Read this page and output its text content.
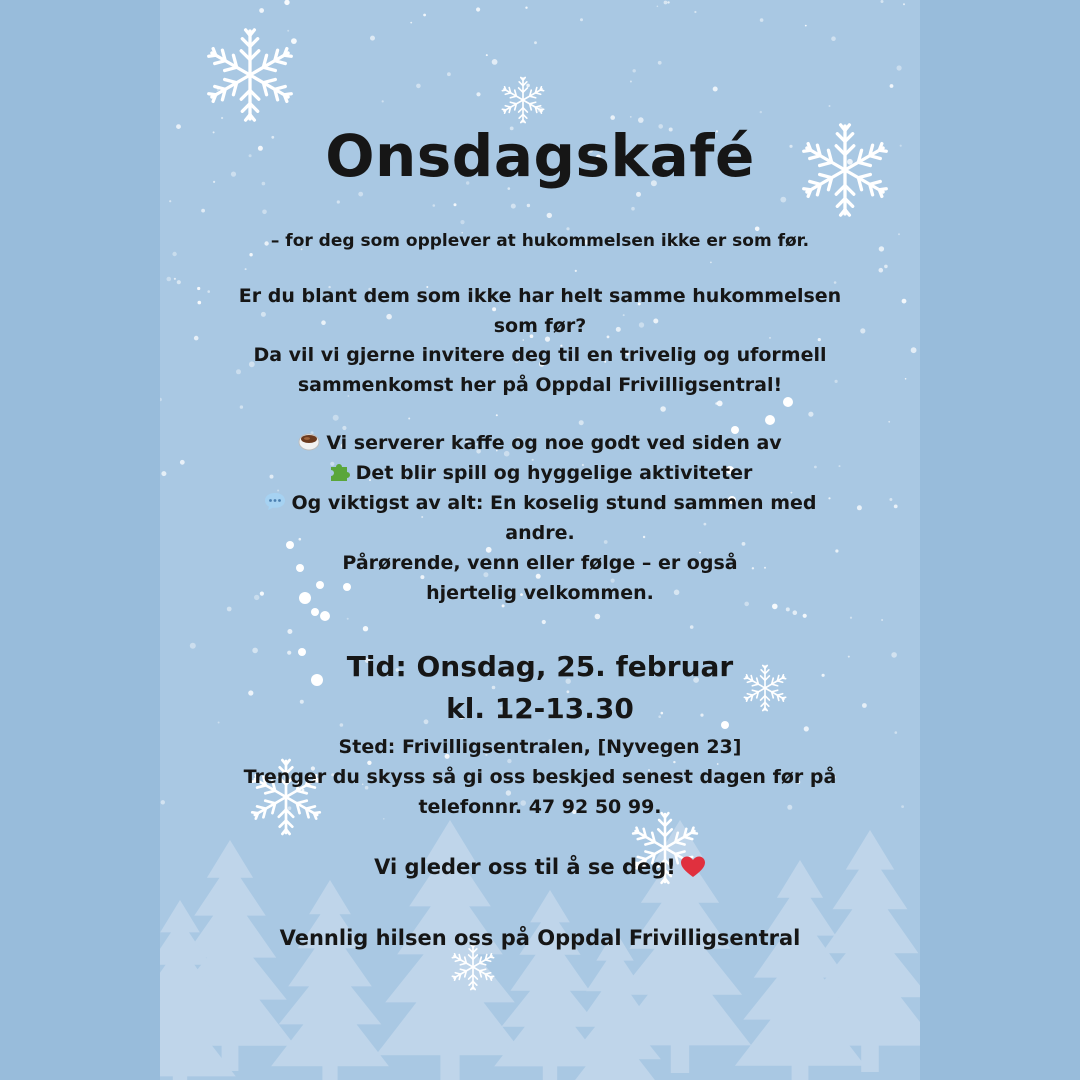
Onsdagskafé

– for deg som opplever at hukommelsen ikke er som før.

Er du blant dem som ikke har helt samme hukommelsen
som før?
Da vil vi gjerne invitere deg til en trivelig og uformell
sammenkomst her på Oppdal Frivilligsentral!
Vi serverer kaffe og noe godt ved siden av
Det blir spill og hyggelige aktiviteter
Og viktigst av alt: En koselig stund sammen med
andre.
Pårørende, venn eller følge – er også
hjertelig velkommen.
Tid: Onsdag, 25. februar
kl. 12-13.30
Sted: Frivilligsentralen, [Nyvegen 23]
Trenger du skyss så gi oss beskjed senest dagen før på
telefonnr. 47 92 50 99.

Vi gleder oss til å se deg!

Vennlig hilsen oss på Oppdal Frivilligsentral
